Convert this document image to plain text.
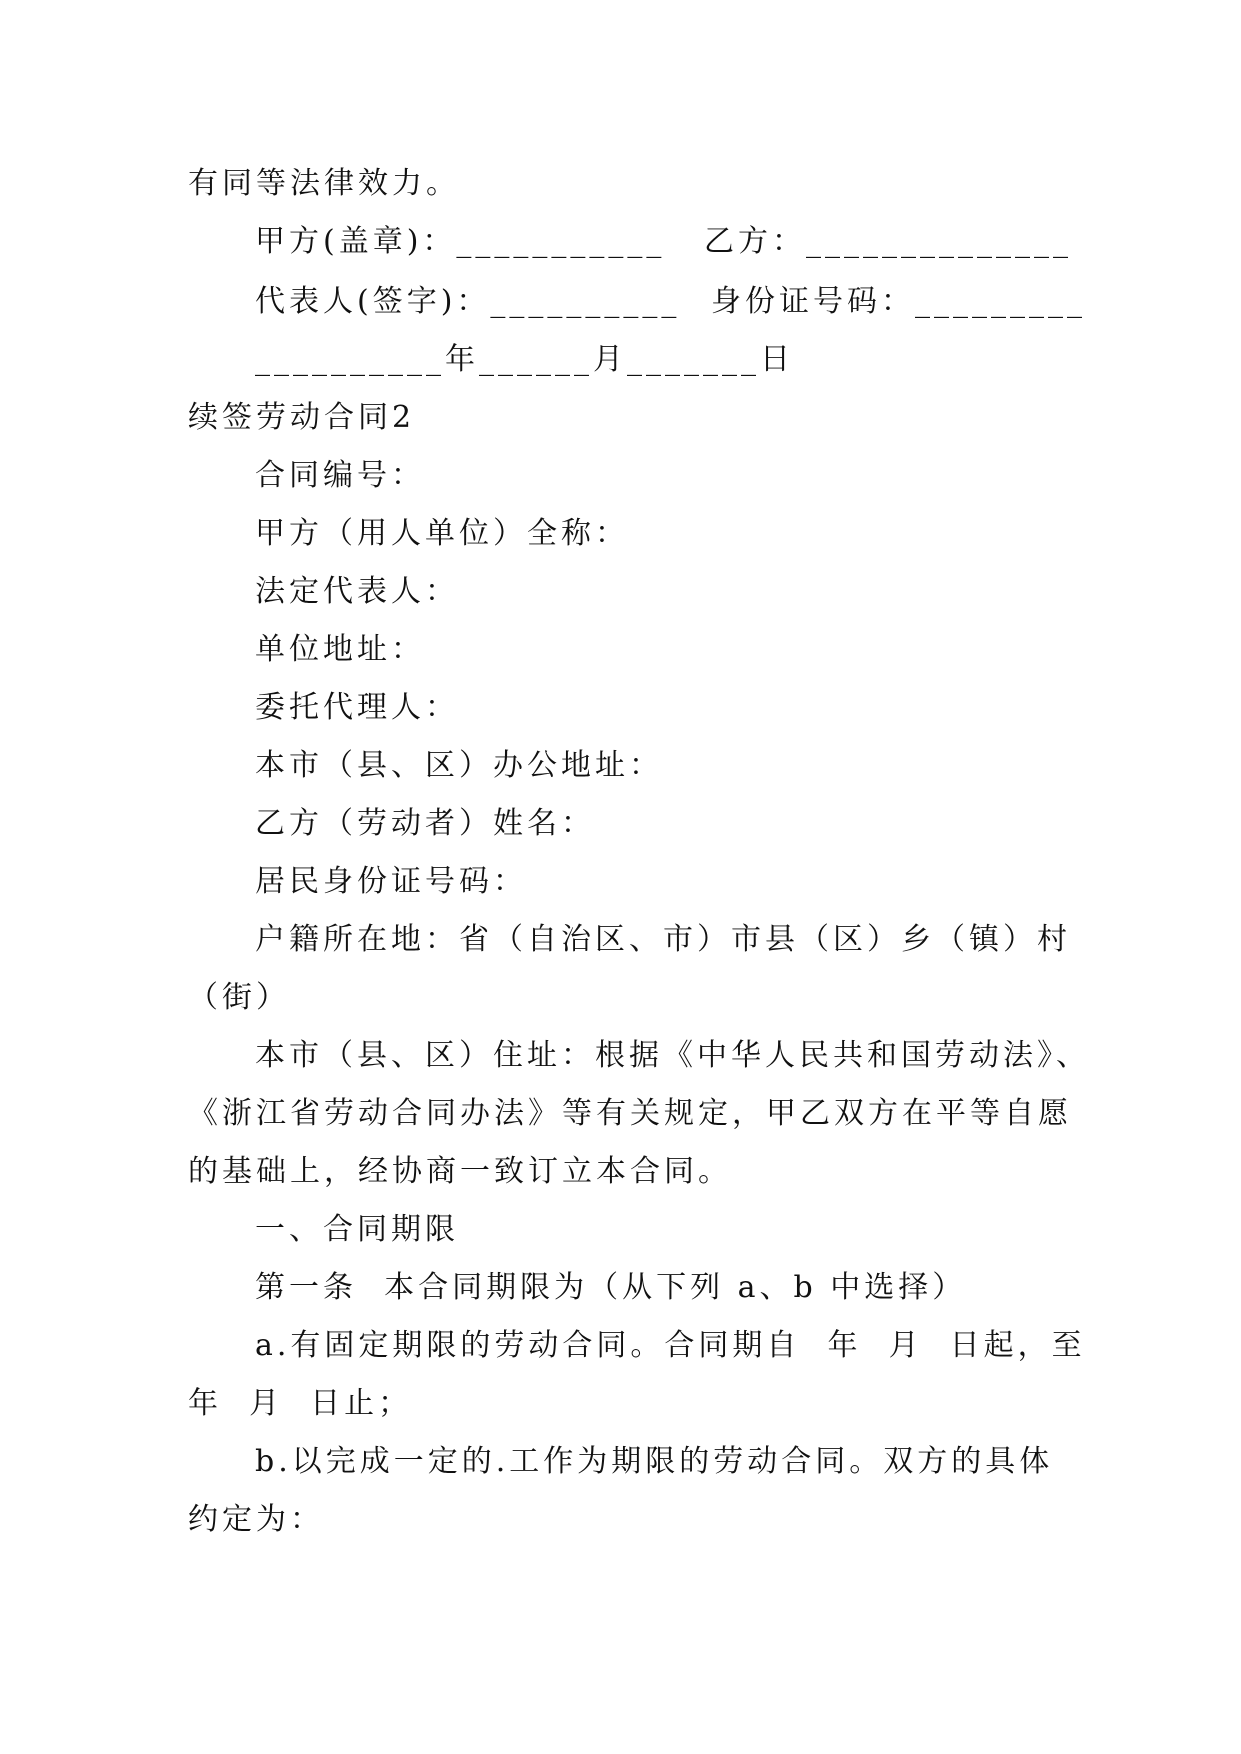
有同等法律效力。
甲方(盖章)：___________ 乙方：______________
代表人(签字)：__________ 身份证号码：_________
__________年______月_______日
续签劳动合同2
合同编号：
甲方（用人单位）全称：
法定代表人：
单位地址：
委托代理人：
本市（县、区）办公地址：
乙方（劳动者）姓名：
居民身份证号码：
户籍所在地：省（自治区、市）市县（区）乡（镇）村
（街）
本市（县、区）住址：根据《中华人民共和国劳动法》、
《浙江省劳动合同办法》等有关规定，甲乙双方在平等自愿
的基础上，经协商一致订立本合同。
一、合同期限
第一条  本合同期限为（从下列 a、b 中选择）
a.有固定期限的劳动合同。合同期自  年  月  日起，至
年  月  日止；
b.以完成一定的.工作为期限的劳动合同。双方的具体
约定为：
